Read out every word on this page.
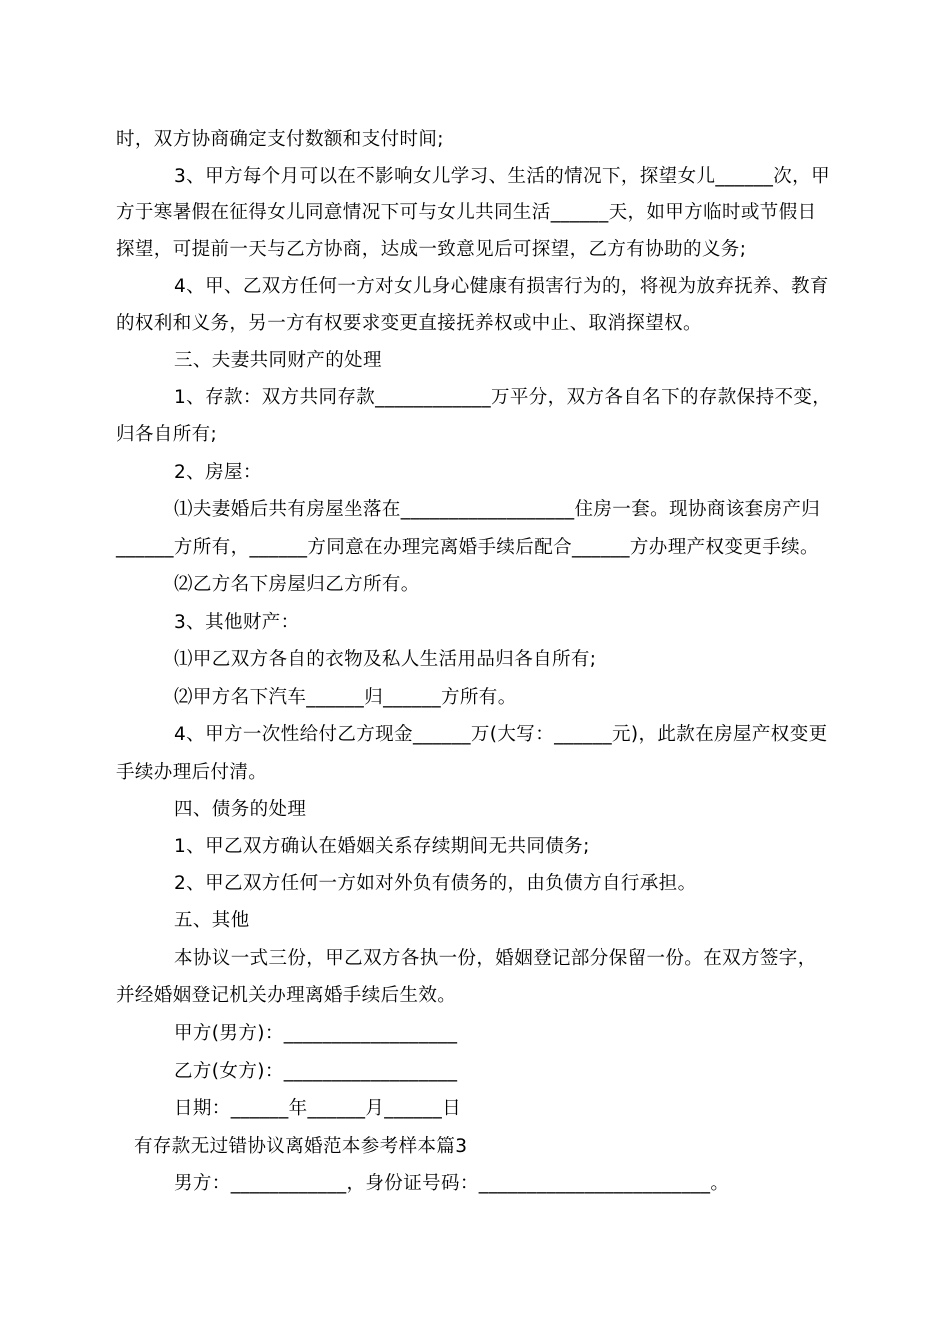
时，双方协商确定支付数额和支付时间;
3、甲方每个月可以在不影响女儿学习、生活的情况下，探望女儿______次，甲
方于寒暑假在征得女儿同意情况下可与女儿共同生活______天，如甲方临时或节假日
探望，可提前一天与乙方协商，达成一致意见后可探望，乙方有协助的义务;
4、甲、乙双方任何一方对女儿身心健康有损害行为的，将视为放弃抚养、教育
的权利和义务，另一方有权要求变更直接抚养权或中止、取消探望权。
三、夫妻共同财产的处理
1、存款：双方共同存款____________万平分，双方各自名下的存款保持不变，
归各自所有;
2、房屋：
⑴夫妻婚后共有房屋坐落在__________________住房一套。现协商该套房产归
______方所有，______方同意在办理完离婚手续后配合______方办理产权变更手续。
⑵乙方名下房屋归乙方所有。
3、其他财产：
⑴甲乙双方各自的衣物及私人生活用品归各自所有;
⑵甲方名下汽车______归______方所有。
4、甲方一次性给付乙方现金______万(大写：______元)，此款在房屋产权变更
手续办理后付清。
四、债务的处理
1、甲乙双方确认在婚姻关系存续期间无共同债务;
2、甲乙双方任何一方如对外负有债务的，由负债方自行承担。
五、其他
本协议一式三份，甲乙双方各执一份，婚姻登记部分保留一份。在双方签字，
并经婚姻登记机关办理离婚手续后生效。
甲方(男方)：__________________
乙方(女方)：__________________
日期：______年______月______日
有存款无过错协议离婚范本参考样本篇3
男方：____________，身份证号码：________________________。
